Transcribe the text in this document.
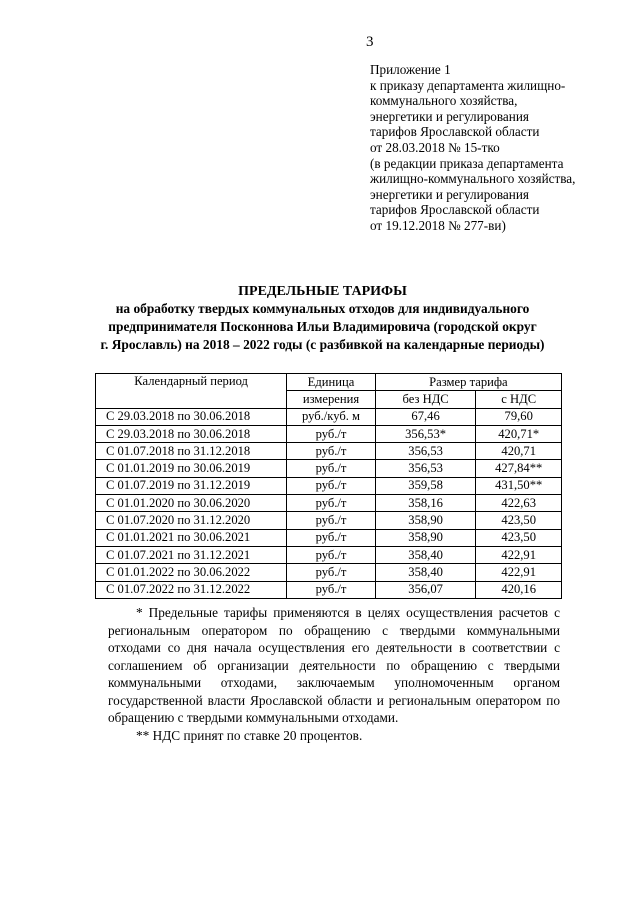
3
Приложение 1
к приказу департамента жилищно-
коммунального хозяйства,
энергетики и регулирования
тарифов Ярославской области
от 28.03.2018 № 15-тко
(в редакции приказа департамента
жилищно-коммунального хозяйства,
энергетики и регулирования
тарифов Ярославской области
от 19.12.2018 № 277-ви)
ПРЕДЕЛЬНЫЕ ТАРИФЫ
на обработку твердых коммунальных отходов для индивидуального
предпринимателя Посконнова Ильи Владимировича (городской округ
г. Ярославль) на 2018 – 2022 годы (с разбивкой на календарные периоды)
Календарный период	Единица	Размер тарифа	
	измерения	без НДС	с НДС
С 29.03.2018 по 30.06.2018	руб./куб. м	67,46	79,60
С 29.03.2018 по 30.06.2018	руб./т	356,53*	420,71*
С 01.07.2018 по 31.12.2018	руб./т	356,53	420,71
С 01.01.2019 по 30.06.2019	руб./т	356,53	427,84**
С 01.07.2019 по 31.12.2019	руб./т	359,58	431,50**
С 01.01.2020 по 30.06.2020	руб./т	358,16	422,63
С 01.07.2020 по 31.12.2020	руб./т	358,90	423,50
С 01.01.2021 по 30.06.2021	руб./т	358,90	423,50
С 01.07.2021 по 31.12.2021	руб./т	358,40	422,91
С 01.01.2022 по 30.06.2022	руб./т	358,40	422,91
С 01.07.2022 по 31.12.2022	руб./т	356,07	420,16

* Предельные тарифы применяются в целях осуществления расчетов с региональным оператором по обращению с твердыми коммунальными отходами со дня начала осуществления его деятельности в соответствии с соглашением об организации деятельности по обращению с твердыми коммунальными отходами, заключаемым уполномоченным органом государственной власти Ярославской области и региональным оператором по обращению с твердыми коммунальными отходами.

** НДС принят по ставке 20 процентов.
